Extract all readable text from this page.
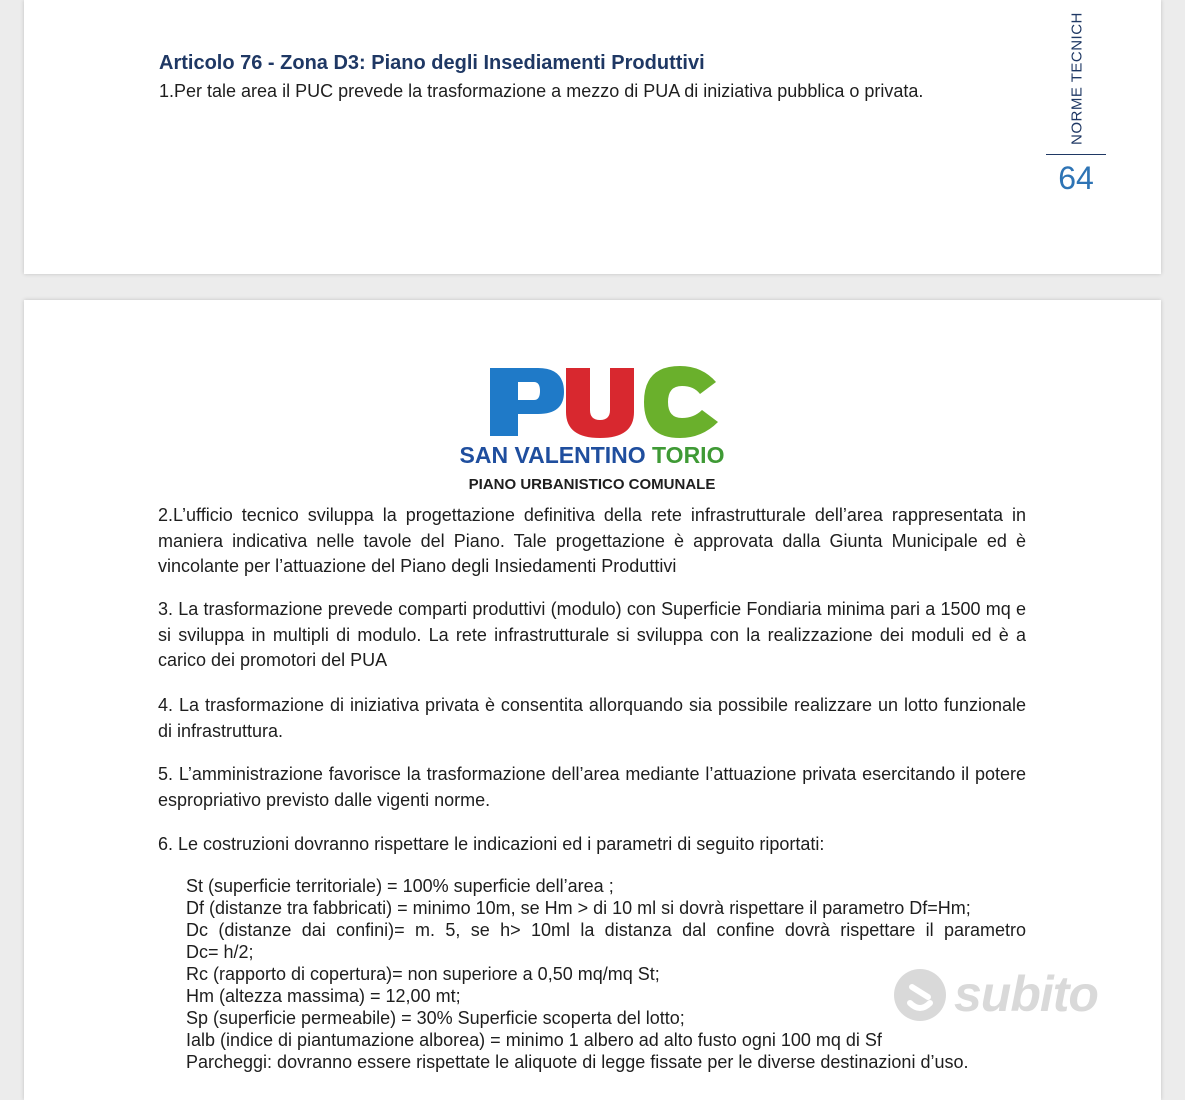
Articolo 76 - Zona D3: Piano degli Insediamenti Produttivi
1.Per tale area il PUC prevede la trasformazione a mezzo di PUA di iniziativa pubblica o privata.	NORME TECNICH
64
SAN VALENTINO TORIO
PIANO URBANISTICO COMUNALE
2.L’ufficio tecnico sviluppa la progettazione definitiva della rete infrastrutturale dell’area rappresentata in maniera indicativa nelle tavole del Piano. Tale progettazione è approvata dalla Giunta Municipale ed è vincolante per l’attuazione del Piano degli Insiedamenti Produttivi
3. La trasformazione prevede comparti produttivi (modulo) con Superficie Fondiaria minima pari a 1500 mq e si sviluppa in multipli di modulo. La rete infrastrutturale si sviluppa con la realizzazione dei moduli ed è a carico dei promotori del PUA
4. La trasformazione di iniziativa privata è consentita allorquando sia possibile realizzare un lotto funzionale di infrastruttura.
5. L’amministrazione favorisce la trasformazione dell’area mediante l’attuazione privata esercitando il potere espropriativo previsto dalle vigenti norme.
6. Le costruzioni dovranno rispettare le indicazioni ed i parametri di seguito riportati:
St (superficie territoriale) = 100% superficie dell’area ;
Df (distanze tra fabbricati) = minimo 10m, se Hm > di 10 ml si dovrà rispettare il parametro Df=Hm;
Dc (distanze dai confini)= m. 5, se h> 10ml la distanza dal confine dovrà rispettare il parametro
Dc= h/2;
Rc (rapporto di copertura)= non superiore a 0,50 mq/mq St;
Hm (altezza massima) = 12,00 mt;
Sp (superficie permeabile) = 30% Superficie scoperta del lotto;
Ialb (indice di piantumazione alborea) = minimo 1 albero ad alto fusto ogni 100 mq di Sf
Parcheggi: dovranno essere rispettate le aliquote di legge fissate per le diverse destinazioni d’uso.
subito
